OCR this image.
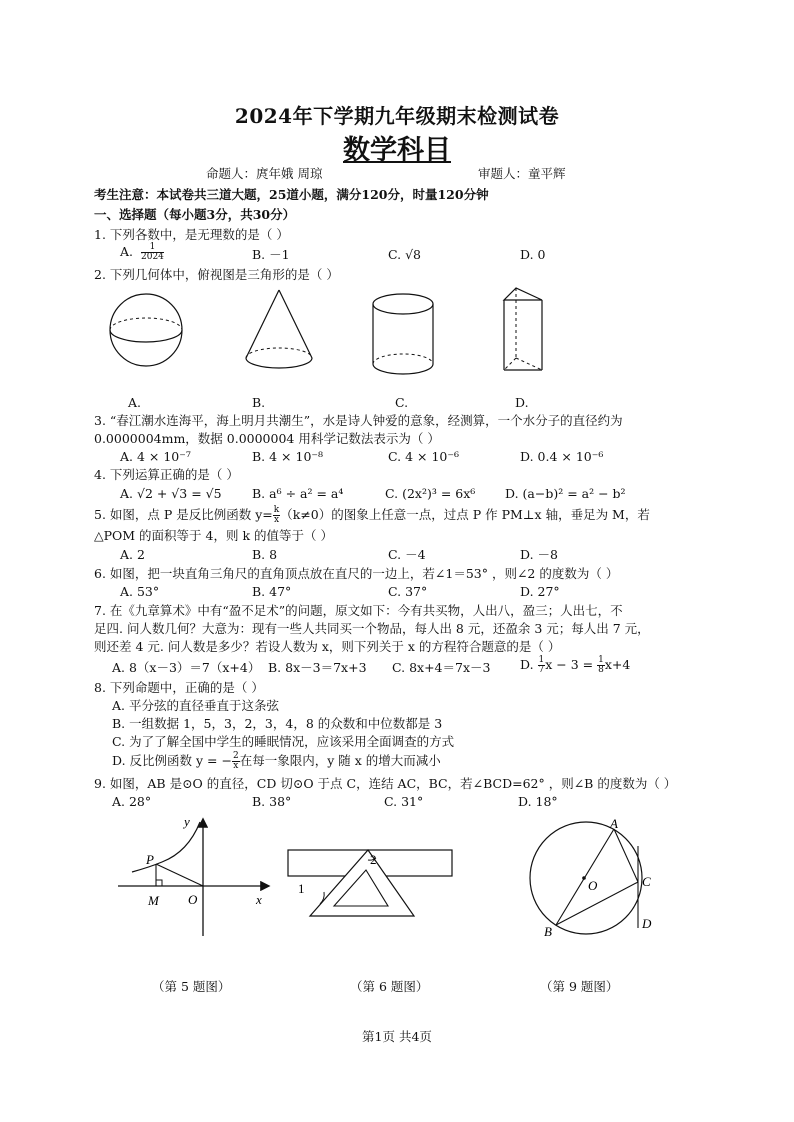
2024年下学期九年级期末检测试卷
数学科目
命题人：庹年娥 周琼	审题人：童平辉
考生注意：本试卷共三道大题，25道小题，满分120分，时量120分钟
一、选择题（每小题3分，共30分）
1. 下列各数中，是无理数的是（ ）
A. $\frac{1}{2024}$	B. －1	C. √8	D. 0
2. 下列几何体中，俯视图是三角形的是（ ）
A.	B.	C.	D.
3. “春江潮水连海平，海上明月共潮生”，水是诗人钟爱的意象，经测算，一个水分子的直径约为
0.0000004mm，数据 0.0000004 用科学记数法表示为（ ）
A. 4 × 10⁻⁷	B. 4 × 10⁻⁸	C. 4 × 10⁻⁶	D. 0.4 × 10⁻⁶
4. 下列运算正确的是（ ）
A. √2 + √3 = √5 B. a⁶ ÷ a² = a⁴	C. (2x²)³ = 6x⁶ D. (a−b)² = a² − b²
5. 如图，点 P 是反比例函数 $y= \frac{k}{x} (k\ne 0)$的图象上任意一点，过点 P 作 PM⊥x 轴，垂足为 M，若
△POM 的面积等于 4，则 k 的值等于（ ）
A. 2	B. 8	C. －4	D. －8
6. 如图，把一块直角三角尺的直角顶点放在直尺的一边上，若∠1＝53° ，则∠2 的度数为（ ）
A. 53°	B. 47°	C. 37°	D. 27°
7. 在《九章算术》中有“盈不足术”的问题，原文如下：今有共买物，人出八，盈三；人出七，不
足四. 问人数几何？大意为：现有一些人共同买一个物品，每人出 8 元，还盈余 3 元；每人出 7 元，
则还差 4 元. 问人数是多少？若设人数为 x，则下列关于 x 的方程符合题意的是（ ）
A. 8（x－3）＝7（x+4） B. 8x－3＝7x+3 C. 8x+4＝7x－3 D. $\frac{1}{7}$ $x - 3 = \frac{1}{8} x+4$
8. 下列命题中，正确的是（ ）
A. 平分弦的直径垂直于这条弦
B. 一组数据 1，5，3，2，3，4，8 的众数和中位数都是 3
C. 为了了解全国中学生的睡眠情况，应该采用全面调查的方式
D. 反比例函数 y = − $\frac{2}{x}$ 在每一象限内，y 随 x 的增大而减小
9. 如图，AB 是⊙O 的直径，CD 切⊙O 于点 C，连结 AC，BC，若∠BCD=62° ，则∠B 的度数为（ ）
A. 28°	B. 38°	C. 31°	D. 18°
y
x
P
M O
（第 5 题图）
1
2
（第 6 题图）
A
B
C
D
O
（第 9 题图）
第1页 共4页
